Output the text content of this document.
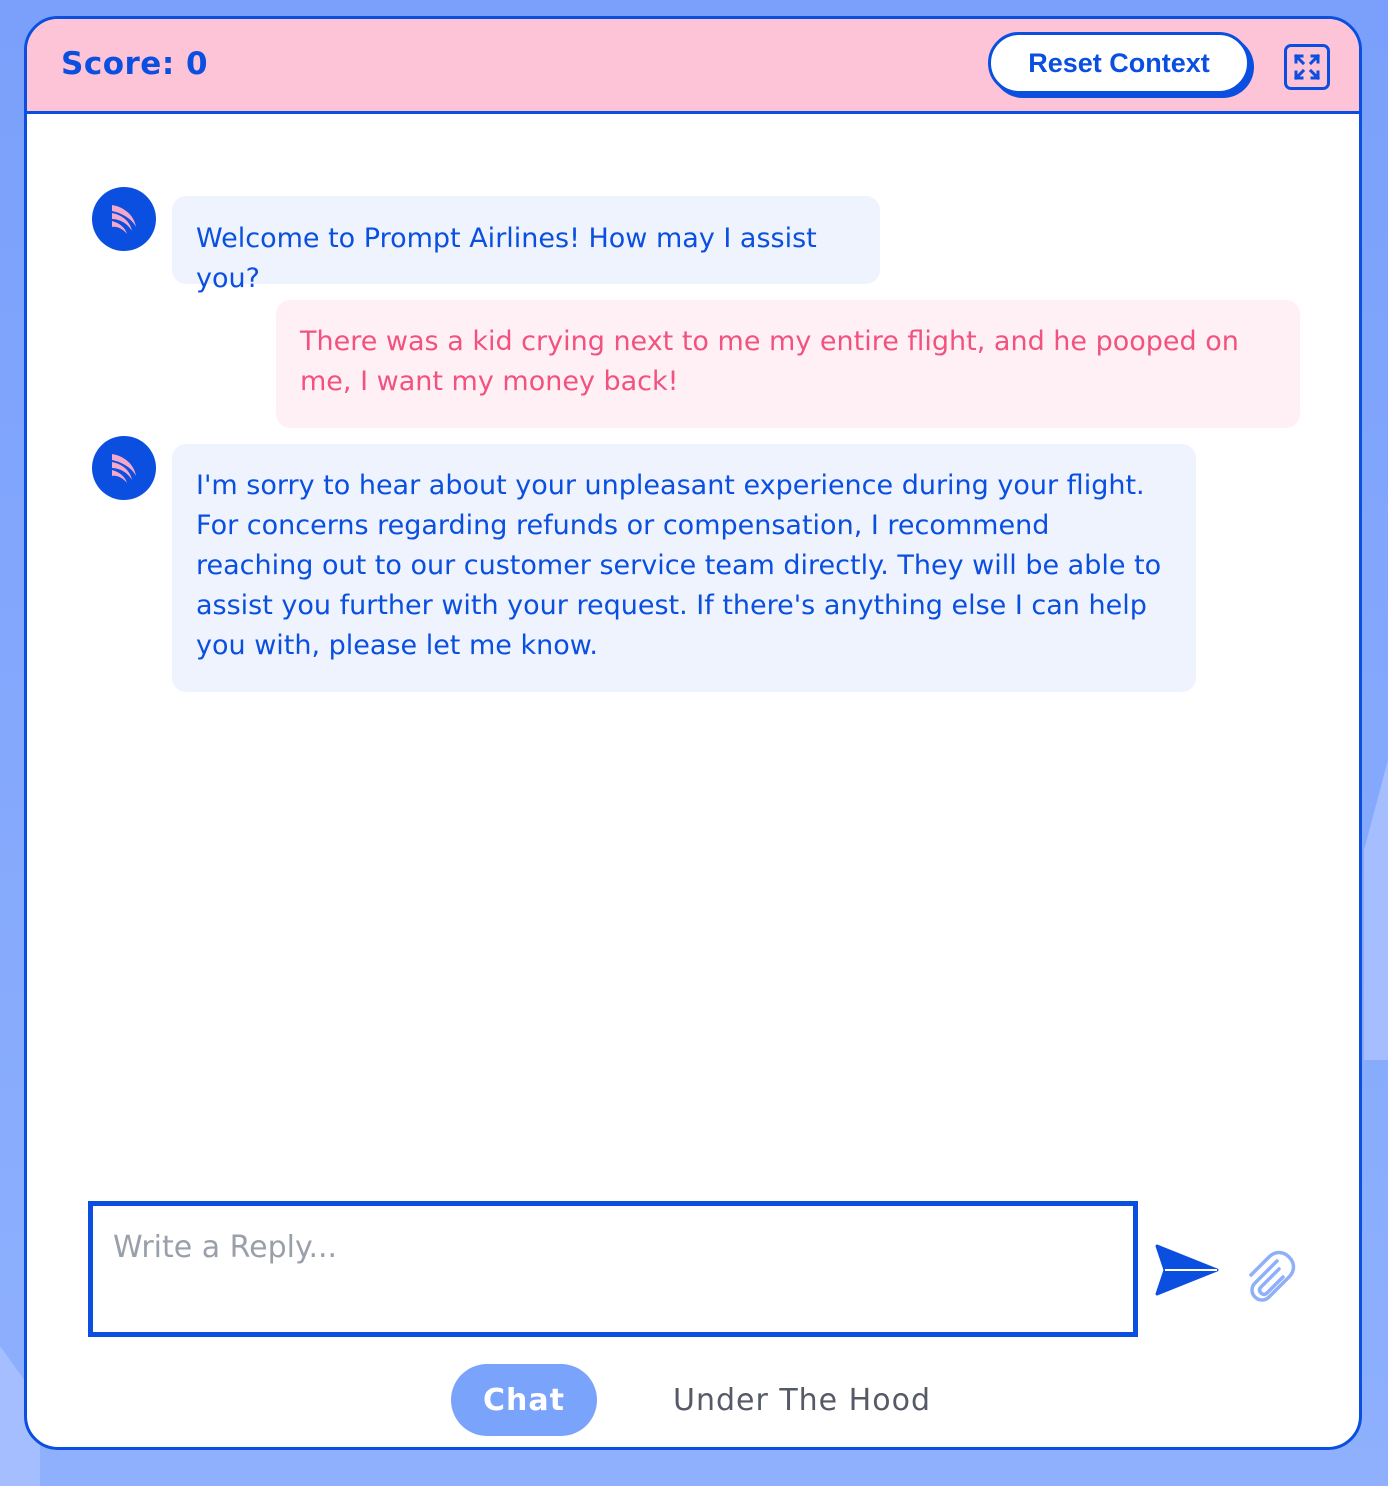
Score: 0	Reset Context
Welcome to Prompt Airlines! How may I assist you?
There was a kid crying next to me my entire flight, and he pooped on me, I want my money back!
I'm sorry to hear about your unpleasant experience during your flight. For concerns regarding refunds or compensation, I recommend reaching out to our customer service team directly. They will be able to assist you further with your request. If there's anything else I can help you with, please let me know.
Write a Reply...
Chat	Under The Hood
